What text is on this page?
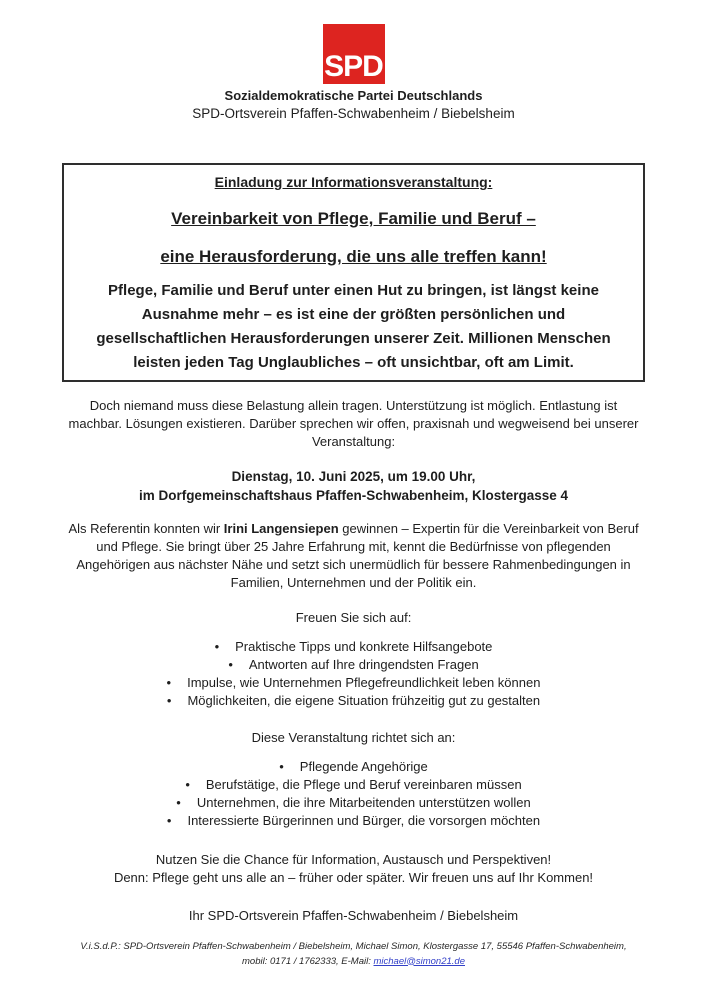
SPD
Sozialdemokratische Partei Deutschlands
SPD-Ortsverein Pfaffen-Schwabenheim / Biebelsheim
Einladung zur Informationsveranstaltung:
Vereinbarkeit von Pflege, Familie und Beruf –
eine Herausforderung, die uns alle treffen kann!

Pflege, Familie und Beruf unter einen Hut zu bringen, ist längst keine Ausnahme mehr – es ist eine der größten persönlichen und gesellschaftlichen Herausforderungen unserer Zeit. Millionen Menschen leisten jeden Tag Unglaubliches – oft unsichtbar, oft am Limit.

Doch niemand muss diese Belastung allein tragen. Unterstützung ist möglich. Entlastung ist machbar. Lösungen existieren. Darüber sprechen wir offen, praxisnah und wegweisend bei unserer Veranstaltung:

Dienstag, 10. Juni 2025, um 19.00 Uhr,
im Dorfgemeinschaftshaus Pfaffen-Schwabenheim, Klostergasse 4

Als Referentin konnten wir Irini Langensiepen gewinnen – Expertin für die Vereinbarkeit von Beruf und Pflege. Sie bringt über 25 Jahre Erfahrung mit, kennt die Bedürfnisse von pflegenden Angehörigen aus nächster Nähe und setzt sich unermüdlich für bessere Rahmenbedingungen in Familien, Unternehmen und der Politik ein.

Freuen Sie sich auf:
• Praktische Tipps und konkrete Hilfsangebote
• Antworten auf Ihre dringendsten Fragen
• Impulse, wie Unternehmen Pflegefreundlichkeit leben können
• Möglichkeiten, die eigene Situation frühzeitig gut zu gestalten
Diese Veranstaltung richtet sich an:
• Pflegende Angehörige
• Berufstätige, die Pflege und Beruf vereinbaren müssen
• Unternehmen, die ihre Mitarbeitenden unterstützen wollen
• Interessierte Bürgerinnen und Bürger, die vorsorgen möchten
Nutzen Sie die Chance für Information, Austausch und Perspektiven!
Denn: Pflege geht uns alle an – früher oder später. Wir freuen uns auf Ihr Kommen!
Ihr SPD-Ortsverein Pfaffen-Schwabenheim / Biebelsheim
V.i.S.d.P.: SPD-Ortsverein Pfaffen-Schwabenheim / Biebelsheim, Michael Simon, Klostergasse 17, 55546 Pfaffen-Schwabenheim,
mobil: 0171 / 1762333, E-Mail: michael@simon21.de
